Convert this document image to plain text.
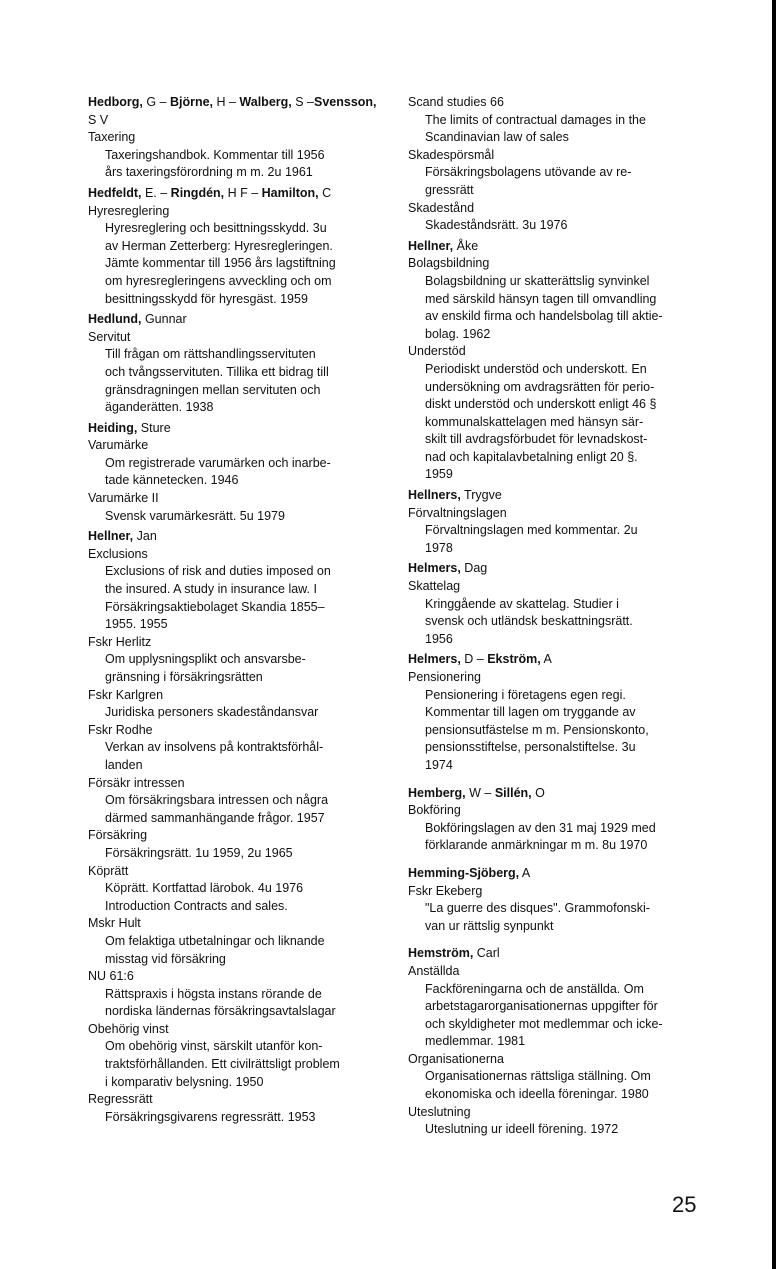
Hedborg, G – Björne, H – Walberg, S –Svensson, S V
Taxering
Taxeringshandbok. Kommentar till 1956
års taxeringsförordning m m. 2u 1961
Hedfeldt, E. – Ringdén, H F – Hamilton, C
Hyresreglering
Hyresreglering och besittningsskydd. 3u
av Herman Zetterberg: Hyresregleringen.
Jämte kommentar till 1956 års lagstiftning
om hyresregleringens avveckling och om
besittningsskydd för hyresgäst. 1959
Hedlund, Gunnar
Servitut
Till frågan om rättshandlingsservituten
och tvångsservituten. Tillika ett bidrag till
gränsdragningen mellan servituten och
äganderätten. 1938
Heiding, Sture
Varumärke
Om registrerade varumärken och inarbe-
tade kännetecken. 1946
Varumärke II
Svensk varumärkesrätt. 5u 1979
Hellner, Jan
Exclusions
Exclusions of risk and duties imposed on
the insured. A study in insurance law. I
Försäkringsaktiebolaget Skandia 1855–
1955. 1955
Fskr Herlitz
Om upplysningsplikt och ansvarsbe-
gränsning i försäkringsrätten
Fskr Karlgren
Juridiska personers skadeståndansvar
Fskr Rodhe
Verkan av insolvens på kontraktsförhål-
landen
Försäkr intressen
Om försäkringsbara intressen och några
därmed sammanhängande frågor. 1957
Försäkring
Försäkringsrätt. 1u 1959, 2u 1965
Köprätt
Köprätt. Kortfattad lärobok. 4u 1976
Introduction Contracts and sales.
Mskr Hult
Om felaktiga utbetalningar och liknande
misstag vid försäkring
NU 61:6
Rättspraxis i högsta instans rörande de
nordiska ländernas försäkringsavtalslagar
Obehörig vinst
Om obehörig vinst, särskilt utanför kon-
traktsförhållanden. Ett civilrättsligt problem
i komparativ belysning. 1950
Regressrätt
Försäkringsgivarens regressrätt. 1953
Scand studies 66
The limits of contractual damages in the
Scandinavian law of sales
Skadespörsmål
Försäkringsbolagens utövande av re-
gressrätt
Skadestånd
Skadeståndsrätt. 3u 1976
Hellner, Åke
Bolagsbildning
Bolagsbildning ur skatterättslig synvinkel
med särskild hänsyn tagen till omvandling
av enskild firma och handelsbolag till aktie-
bolag. 1962
Understöd
Periodiskt understöd och underskott. En
undersökning om avdragsrätten för perio-
diskt understöd och underskott enligt 46 §
kommunalskattelagen med hänsyn sär-
skilt till avdragsförbudet för levnadskost-
nad och kapitalavbetalning enligt 20 §.
1959
Hellners, Trygve
Förvaltningslagen
Förvaltningslagen med kommentar. 2u
1978
Helmers, Dag
Skattelag
Kringgående av skattelag. Studier i
svensk och utländsk beskattningsrätt.
1956
Helmers, D – Ekström, A
Pensionering
Pensionering i företagens egen regi.
Kommentar till lagen om tryggande av
pensionsutfästelse m m. Pensionskonto,
pensionsstiftelse, personalstiftelse. 3u
1974
Hemberg, W – Sillén, O
Bokföring
Bokföringslagen av den 31 maj 1929 med
förklarande anmärkningar m m. 8u 1970
Hemming-Sjöberg, A
Fskr Ekeberg
"La guerre des disques". Grammofonski-
van ur rättslig synpunkt
Hemström, Carl
Anställda
Fackföreningarna och de anställda. Om
arbetstagarorganisationernas uppgifter för
och skyldigheter mot medlemmar och icke-
medlemmar. 1981
Organisationerna
Organisationernas rättsliga ställning. Om
ekonomiska och ideella föreningar. 1980
Uteslutning
Uteslutning ur ideell förening. 1972
25
